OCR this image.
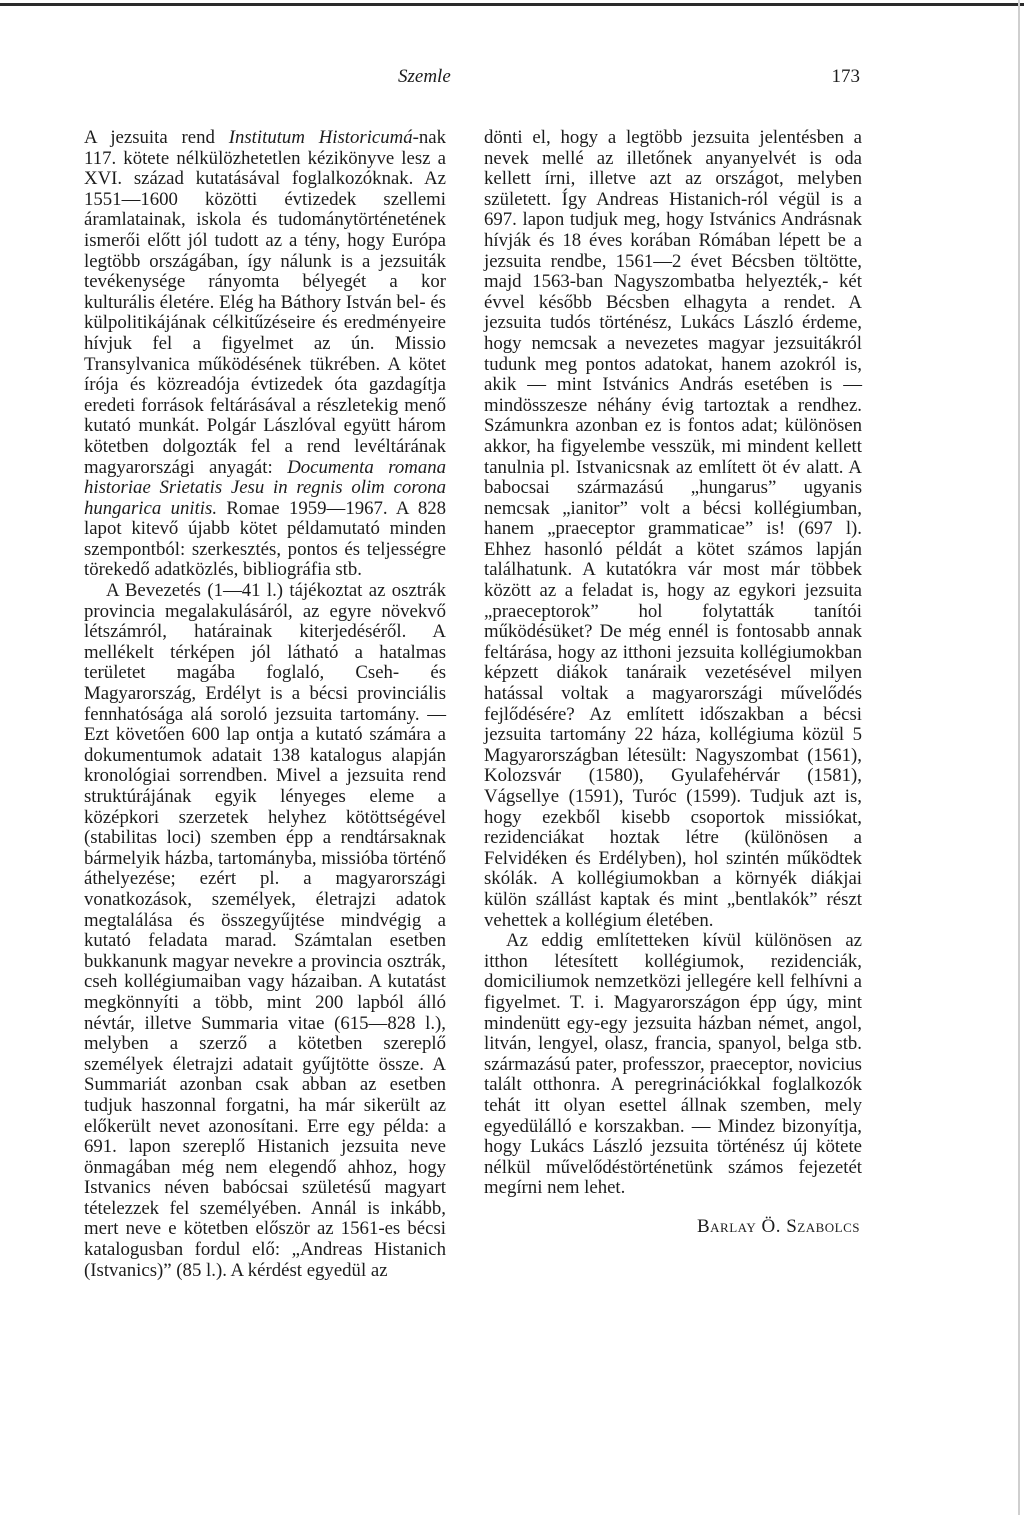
Szemle	173

A jezsuita rend Institutum Historicumá-nak 117. kötete nélkülözhetetlen kézikönyve lesz a XVI. század kutatásával foglalkozóknak. Az 1551—1600 közötti évtizedek szellemi áramlatainak, iskola és tudománytörténetének ismerői előtt jól tudott az a tény, hogy Európa legtöbb országában, így nálunk is a jezsuiták tevékenysége rányomta bélyegét a kor kulturális életére. Elég ha Báthory István bel- és külpolitikájának célkitűzéseire és eredményeire hívjuk fel a figyelmet az ún. Missio Transylvanica működésének tükrében. A kötet írója és közreadója évtizedek óta gazdagítja eredeti források feltárásával a részletekig menő kutató munkát. Polgár Lászlóval együtt három kötetben dolgozták fel a rend levéltárának magyarországi anyagát: Documenta romana historiae Srietatis Jesu in regnis olim corona hungarica unitis. Romae 1959—1967. A 828 lapot kitevő újabb kötet példamutató minden szempontból: szerkesztés, pontos és teljességre törekedő adatközlés, bibliográfia stb.

A Bevezetés (1—41 l.) tájékoztat az osztrák provincia megalakulásáról, az egyre növekvő létszámról, határainak kiterjedéséről. A mellékelt térképen jól látható a hatalmas területet magába foglaló, Cseh- és Magyarország, Erdélyt is a bécsi provinciális fennhatósága alá soroló jezsuita tartomány. — Ezt követően 600 lap ontja a kutató számára a dokumentumok adatait 138 katalogus alapján kronológiai sorrendben. Mivel a jezsuita rend struktúrájának egyik lényeges eleme a középkori szerzetek helyhez kötöttségével (stabilitas loci) szemben épp a rendtársaknak bármelyik házba, tartományba, missióba történő áthelyezése; ezért pl. a magyarországi vonatkozások, személyek, életrajzi adatok megtalálása és összegyűjtése mindvégig a kutató feladata marad. Számtalan esetben bukkanunk magyar nevekre a provincia osztrák, cseh kollégiumaiban vagy házaiban. A kutatást megkönnyíti a több, mint 200 lapból álló névtár, illetve Summaria vitae (615—828 l.), melyben a szerző a kötetben szereplő személyek életrajzi adatait gyűjtötte össze. A Summariát azonban csak abban az esetben tudjuk haszonnal forgatni, ha már sikerült az előkerült nevet azonosítani. Erre egy példa: a 691. lapon szereplő Histanich jezsuita neve önmagában még nem elegendő ahhoz, hogy Istvanics néven babócsai születésű magyart tételezzek fel személyében. Annál is inkább, mert neve e kötetben először az 1561-es bécsi katalogusban fordul elő: „Andreas Histanich (Istvanics)” (85 l.). A kérdést egyedül az

dönti el, hogy a legtöbb jezsuita jelentésben a nevek mellé az illetőnek anyanyelvét is oda kellett írni, illetve azt az országot, melyben született. Így Andreas Histanich-ról végül is a 697. lapon tudjuk meg, hogy Istvánics Andrásnak hívják és 18 éves korában Rómában lépett be a jezsuita rendbe, 1561—2 évet Bécsben töltötte, majd 1563-ban Nagyszombatba helyezték,- két évvel később Bécsben elhagyta a rendet. A jezsuita tudós történész, Lukács László érdeme, hogy nemcsak a nevezetes magyar jezsuitákról tudunk meg pontos adatokat, hanem azokról is, akik — mint Istvánics András esetében is — mindösszesze néhány évig tartoztak a rendhez. Számunkra azonban ez is fontos adat; különösen akkor, ha figyelembe vesszük, mi mindent kellett tanulnia pl. Istvanicsnak az említett öt év alatt. A babocsai származású „hungarus” ugyanis nemcsak „ianitor” volt a bécsi kollégiumban, hanem „praeceptor grammaticae” is! (697 l). Ehhez hasonló példát a kötet számos lapján találhatunk. A kutatókra vár most már többek között az a feladat is, hogy az egykori jezsuita „praeceptorok” hol folytatták tanítói működésüket? De még ennél is fontosabb annak feltárása, hogy az itthoni jezsuita kollégiumokban képzett diákok tanáraik vezetésével milyen hatással voltak a magyarországi művelődés fejlődésére? Az említett időszakban a bécsi jezsuita tartomány 22 háza, kollégiuma közül 5 Magyarországban létesült: Nagyszombat (1561), Kolozsvár (1580), Gyulafehérvár (1581), Vágsellye (1591), Turóc (1599). Tudjuk azt is, hogy ezekből kisebb csoportok missiókat, rezidenciákat hoztak létre (különösen a Felvidéken és Erdélyben), hol szintén működtek skólák. A kollégiumokban a környék diákjai külön szállást kaptak és mint „bentlakók” részt vehettek a kollégium életében.

Az eddig említetteken kívül különösen az itthon létesített kollégiumok, rezidenciák, domiciliumok nemzetközi jellegére kell felhívni a figyelmet. T. i. Magyarországon épp úgy, mint mindenütt egy-egy jezsuita házban német, angol, litván, lengyel, olasz, francia, spanyol, belga stb. származású pater, professzor, praeceptor, novicius talált otthonra. A peregrinációkkal foglalkozók tehát itt olyan esettel állnak szemben, mely egyedülálló e korszakban. — Mindez bizonyítja, hogy Lukács László jezsuita történész új kötete nélkül művelődéstörténetünk számos fejezetét megírni nem lehet.

Barlay Ö. Szabolcs
